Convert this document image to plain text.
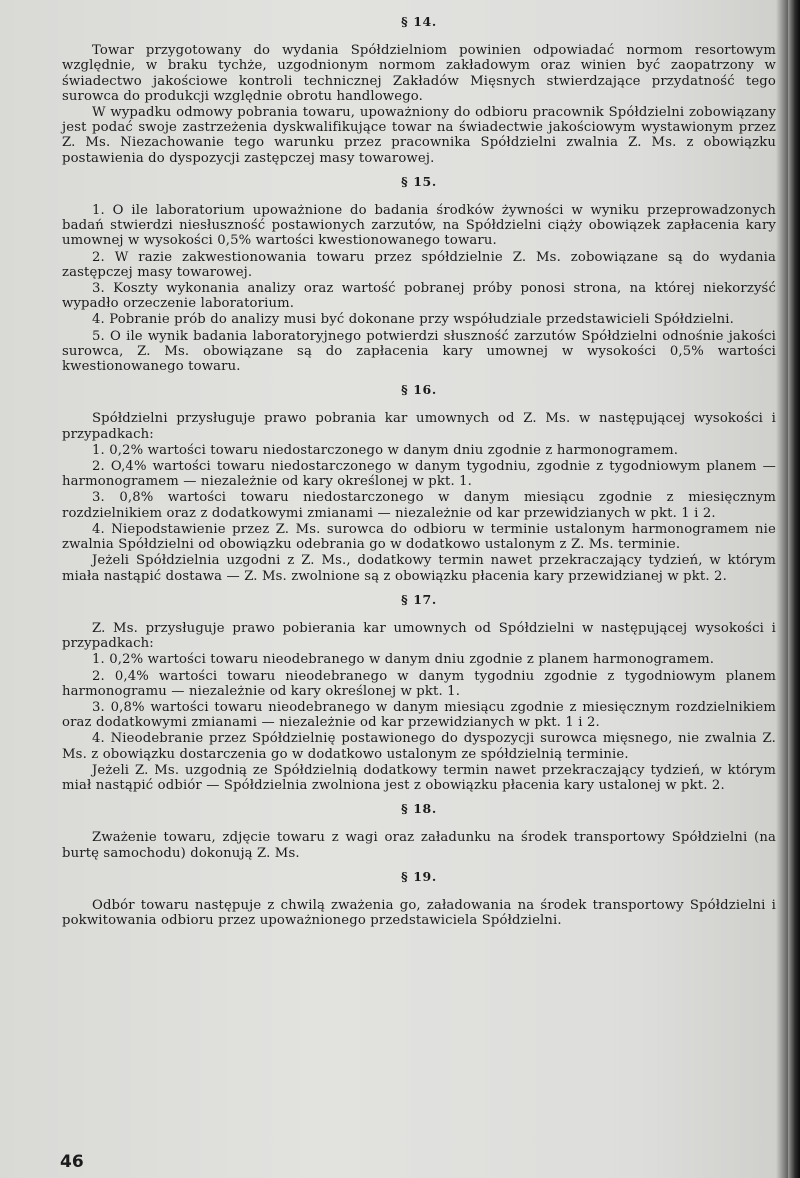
§ 14.

Towar przygotowany do wydania Spółdzielniom powinien odpowiadać normom resortowym względnie, w braku tychże, uzgodnionym normom zakładowym oraz winien być zaopatrzony w świadectwo jakościowe kontroli technicznej Zakładów Mięsnych stwierdzające przydatność tego surowca do produkcji względnie obrotu handlowego.

W wypadku odmowy pobrania towaru, upoważniony do odbioru pracownik Spółdzielni zobowiązany jest podać swoje zastrzeżenia dyskwalifikujące towar na świadectwie jakościowym wystawionym przez Z. Ms. Niezachowanie tego warunku przez pracownika Spółdzielni zwalnia Z. Ms. z obowiązku postawienia do dyspozycji zastępczej masy towarowej.

§ 15.

1. O ile laboratorium upoważnione do badania środków żywności w wyniku przeprowadzonych badań stwierdzi niesłuszność postawionych zarzutów, na Spółdzielni ciąży obowiązek zapłacenia kary umownej w wysokości 0,5% wartości kwestionowanego towaru.

2. W razie zakwestionowania towaru przez spółdzielnie Z. Ms. zobowiązane są do wydania zastępczej masy towarowej.

3. Koszty wykonania analizy oraz wartość pobranej próby ponosi strona, na której niekorzyść wypadło orzeczenie laboratorium.

4. Pobranie prób do analizy musi być dokonane przy współudziale przedstawicieli Spółdzielni.

5. O ile wynik badania laboratoryjnego potwierdzi słuszność zarzutów Spółdzielni odnośnie jakości surowca, Z. Ms. obowiązane są do zapłacenia kary umownej w wysokości 0,5% wartości kwestionowanego towaru.

§ 16.

Spółdzielni przysługuje prawo pobrania kar umownych od Z. Ms. w następującej wysokości i przypadkach:

1. 0,2% wartości towaru niedostarczonego w danym dniu zgodnie z harmonogramem.

2. O,4% wartości towaru niedostarczonego w danym tygodniu, zgodnie z tygodniowym planem — harmonogramem — niezależnie od kary określonej w pkt. 1.

3. 0,8% wartości towaru niedostarczonego w danym miesiącu zgodnie z miesięcznym rozdzielnikiem oraz z dodatkowymi zmianami — niezależnie od kar przewidzianych w pkt. 1 i 2.

4. Niepodstawienie przez Z. Ms. surowca do odbioru w terminie ustalonym harmonogramem nie zwalnia Spółdzielni od obowiązku odebrania go w dodatkowo ustalonym z Z. Ms. terminie.

Jeżeli Spółdzielnia uzgodni z Z. Ms., dodatkowy termin nawet przekraczający tydzień, w którym miała nastąpić dostawa — Z. Ms. zwolnione są z obowiązku płacenia kary przewidzianej w pkt. 2.

§ 17.

Z. Ms. przysługuje prawo pobierania kar umownych od Spółdzielni w następującej wysokości i przypadkach:

1. 0,2% wartości towaru nieodebranego w danym dniu zgodnie z planem harmonogramem.

2. 0,4% wartości towaru nieodebranego w danym tygodniu zgodnie z tygodniowym planem harmonogramu — niezależnie od kary określonej w pkt. 1.

3. 0,8% wartości towaru nieodebranego w danym miesiącu zgodnie z miesięcznym rozdzielnikiem oraz dodatkowymi zmianami — niezależnie od kar przewidzianych w pkt. 1 i 2.

4. Nieodebranie przez Spółdzielnię postawionego do dyspozycji surowca mięsnego, nie zwalnia Z. Ms. z obowiązku dostarczenia go w dodatkowo ustalonym ze spółdzielnią terminie.

Jeżeli Z. Ms. uzgodnią ze Spółdzielnią dodatkowy termin nawet przekraczający tydzień, w którym miał nastąpić odbiór — Spółdzielnia zwolniona jest z obowiązku płacenia kary ustalonej w pkt. 2.

§ 18.

Zważenie towaru, zdjęcie towaru z wagi oraz załadunku na środek transportowy Spółdzielni (na burtę samochodu) dokonują Z. Ms.

§ 19.

Odbór towaru następuje z chwilą zważenia go, załadowania na środek transportowy Spółdzielni i pokwitowania odbioru przez upoważnionego przedstawiciela Spółdzielni.

46
